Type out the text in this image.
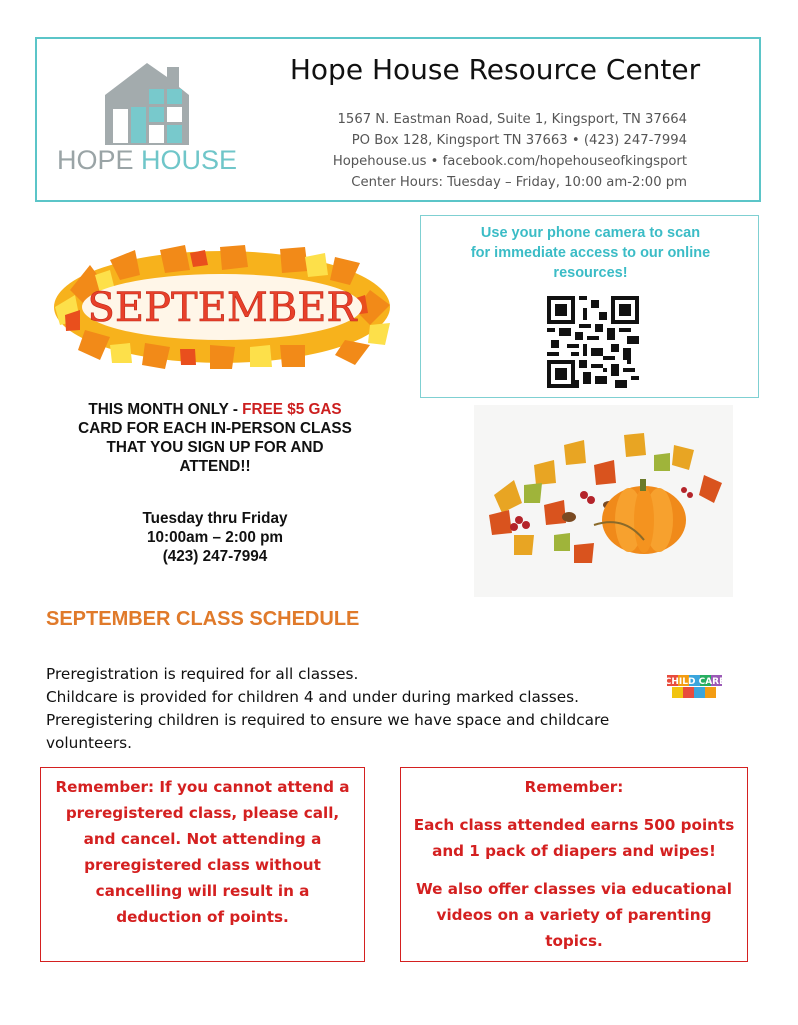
HOPE HOUSE
Hope House Resource Center
1567 N. Eastman Road, Suite 1, Kingsport, TN 37664
PO Box 128, Kingsport TN 37663 • (423) 247-7994
Hopehouse.us • facebook.com/hopehouseofkingsport
Center Hours: Tuesday – Friday, 10:00 am-2:00 pm
SEPTEMBER
Use your phone camera to scan
for immediate access to our online
resources!
THIS MONTH ONLY - FREE $5 GAS
CARD FOR EACH IN-PERSON CLASS
THAT YOU SIGN UP FOR AND
ATTEND!!
Tuesday thru Friday
10:00am – 2:00 pm
(423) 247-7994
SEPTEMBER CLASS SCHEDULE
Preregistration is required for all classes.
Childcare is provided for children 4 and under during marked classes.
Preregistering children is required to ensure we have space and childcare
volunteers.
CHILD CARE
Remember: If you cannot attend a
preregistered class, please call,
and cancel. Not attending a
preregistered class without
cancelling will result in a
deduction of points.
Remember:
Each class attended earns 500 points
and 1 pack of diapers and wipes!
We also offer classes via educational
videos on a variety of parenting
topics.
